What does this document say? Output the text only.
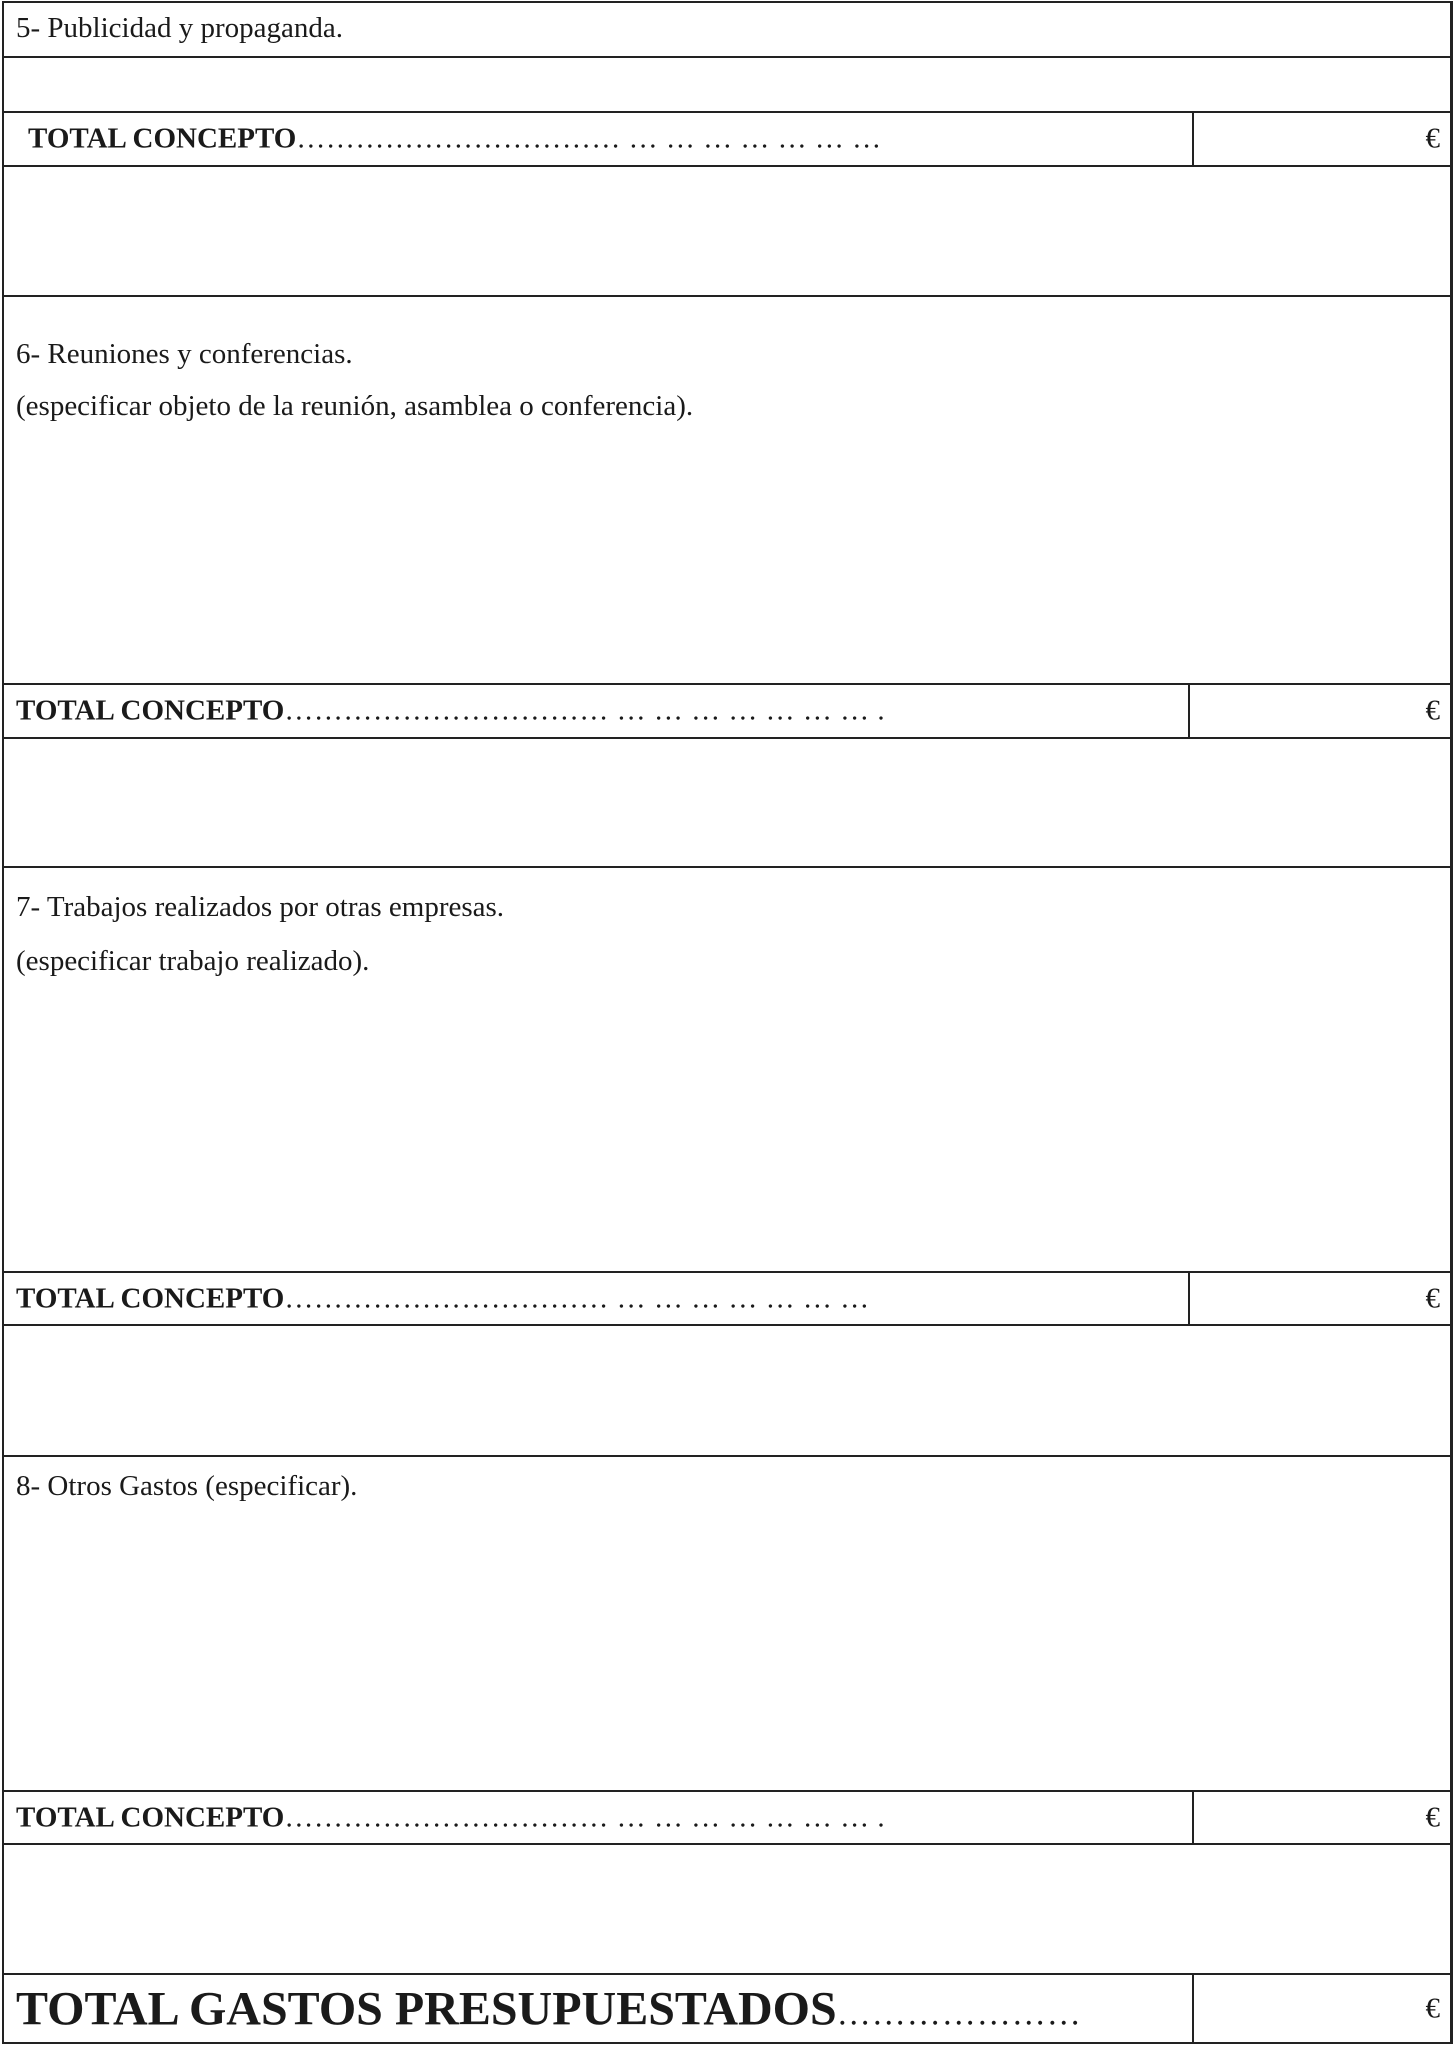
5- Publicidad y propaganda.
TOTAL CONCEPTO…………………………… … … … … … … …	€
6- Reuniones y conferencias.
(especificar objeto de la reunión, asamblea o conferencia).
TOTAL CONCEPTO…………………………… … … … … … … … .	€
7- Trabajos realizados por otras empresas.
(especificar trabajo realizado).
TOTAL CONCEPTO…………………………… … … … … … … …	€
8- Otros Gastos (especificar).
TOTAL CONCEPTO…………………………… … … … … … … … .	€
TOTAL GASTOS PRESUPUESTADOS…………………	€
